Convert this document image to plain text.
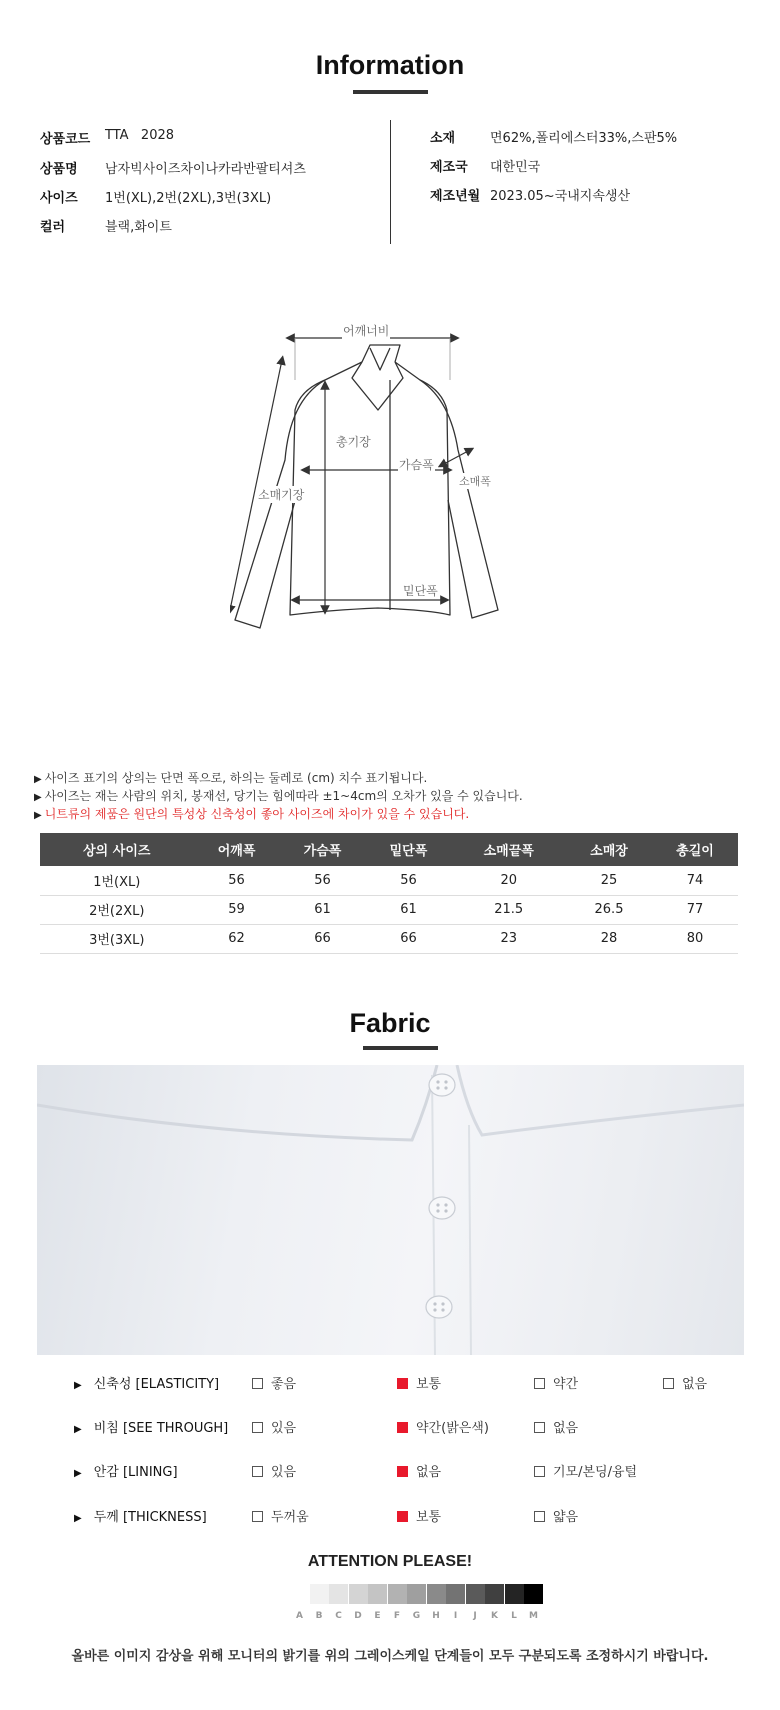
Information
상품코드 TTA   2028
상품명 남자빅사이즈차이나카라반팔티셔츠
사이즈 1번(XL),2번(2XL),3번(3XL)
컬러	블랙,화이트
소재	면62%,폴리에스터33%,스판5%
제조국 대한민국
제조년월 2023.05~국내지속생산
어깨너비
총기장
가슴폭
소매폭
소매기장
밑단폭
▶ 사이즈 표기의 상의는 단면 폭으로, 하의는 둘레로 (cm) 치수 표기됩니다.
▶ 사이즈는 재는 사람의 위치, 봉재선, 당기는 힘에따라 ±1~4cm의 오차가 있을 수 있습니다.
▶ 니트류의 제품은 원단의 특성상 신축성이 좋아 사이즈에 차이가 있을 수 있습니다.
상의 사이즈	어깨폭	가슴폭	밑단폭	소매끝폭	소매장	총길이
1번(XL)	56	56	56	20	25	74
2번(2XL)	59	61	61	21.5	26.5	77
3번(3XL)	62	66	66	23	28	80
Fabric
▶ 신축성 [ELASTICITY]	좋음	보통	약간	없음
▶ 비침 [SEE THROUGH]	있음	약간(밝은색)	없음
▶ 안감 [LINING]	있음	없음	기모/본딩/융털
▶ 두께 [THICKNESS]	두꺼움	보통	얇음
ATTENTION PLEASE!
A	B	C	D	E	F	G	H	I	J	K	L	M
올바른 이미지 감상을 위해 모니터의 밝기를 위의 그레이스케일 단계들이 모두 구분되도록 조정하시기 바랍니다.
